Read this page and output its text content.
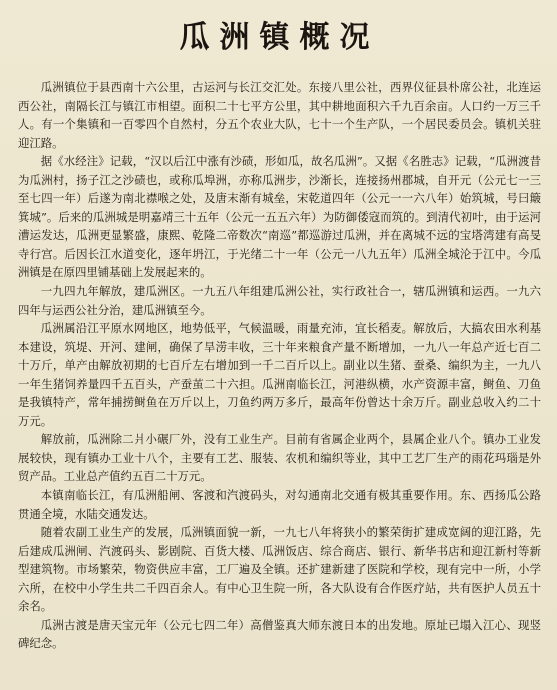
瓜洲镇概况

瓜洲镇位于县西南十六公里，古运河与长江交汇处。东接八里公社，西界仪征县朴席公社，北连运西公社，南隔长江与镇江市相望。面积二十七平方公里，其中耕地面积六千九百余亩。人口约一万三千人。有一个集镇和一百零四个自然村，分五个农业大队，七十一个生产队，一个居民委员会。镇机关驻迎江路。

据《水经注》记载，“汉以后江中涨有沙碛，形如瓜，故名瓜洲”。又据《名胜志》记载，“瓜洲渡昔为瓜洲村，扬子江之沙碛也，或称瓜埠洲，亦称瓜洲步，沙渐长，连接扬州郡城，自开元（公元七一三至七四一年）后遂为南北襟喉之处，及唐末渐有城垒，宋乾道四年（公元一一六八年）始筑城，号曰簸箕城”。后来的瓜洲城是明嘉靖三十五年（公元一五五六年）为防御倭寇而筑的。到清代初叶，由于运河漕运发达，瓜洲更显繁盛，康熙、乾隆二帝数次“南巡”都巡游过瓜洲，并在离城不远的宝塔湾建有高旻寺行宫。后因长江水道变化，逐年坍江，于光绪二十一年（公元一八九五年）瓜洲全城沦于江中。今瓜洲镇是在原四里铺基础上发展起来的。

一九四九年解放，建瓜洲区。一九五八年组建瓜洲公社，实行政社合一，辖瓜洲镇和运西。一九六四年与运西公社分治，建瓜洲镇至今。

瓜洲属沿江平原水网地区，地势低平，气候温暖，雨量充沛，宜长稻麦。解放后，大搞农田水利基本建设，筑堤、开河、建闸，确保了旱涝丰收，三十年来粮食产量不断增加，一九八一年总产近七百二十万斤，单产由解放初期的七百斤左右增加到一千二百斤以上。副业以生猪、蚕桑、编织为主，一九八一年生猪饲养量四千五百头，产蚕茧二十六担。瓜洲南临长江，河港纵横，水产资源丰富，鲥鱼、刀鱼是我镇特产，常年捕捞鲥鱼在万斤以上，刀鱼约两万多斤，最高年份曾达十余万斤。副业总收入约二十万元。

解放前，瓜洲除二爿小碾厂外，没有工业生产。目前有省属企业两个，县属企业八个。镇办工业发展较快，现有镇办工业十八个，主要有工艺、服装、农机和编织等业，其中工艺厂生产的雨花玛瑙是外贸产品。工业总产值约五百二十万元。

本镇南临长江，有瓜洲船闸、客渡和汽渡码头，对勾通南北交通有极其重要作用。东、西扬瓜公路贯通全境，水陆交通发达。

随着农副工业生产的发展，瓜洲镇面貌一新，一九七八年将狭小的繁荣街扩建成宽阔的迎江路，先后建成瓜洲闸、汽渡码头、影剧院、百货大楼、瓜洲饭店、综合商店、银行、新华书店和迎江新村等新型建筑物。市场繁荣，物资供应丰富，工厂遍及全镇。还扩建新建了医院和学校，现有完中一所，小学六所，在校中小学生共二千四百余人。有中心卫生院一所，各大队设有合作医疗站，共有医护人员五十余名。

瓜洲古渡是唐天宝元年（公元七四二年）高僧鉴真大师东渡日本的出发地。原址已塌入江心、现竖碑纪念。
